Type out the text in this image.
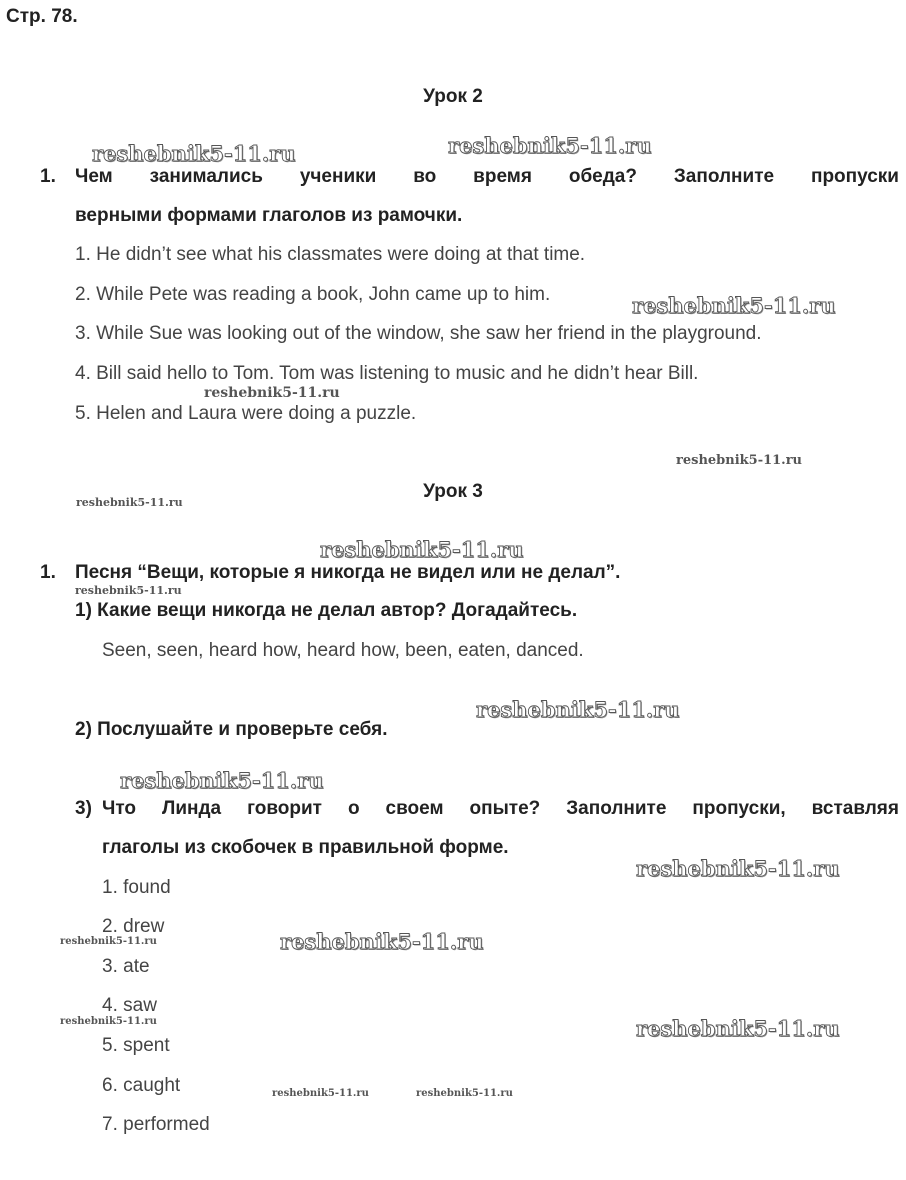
Стр. 78.
Урок 2
1. Чем занимались ученики во время обеда? Заполните пропуски
верными формами глаголов из рамочки.
1. He didn’t see what his classmates were doing at that time.
2. While Pete was reading a book, John came up to him.
3. While Sue was looking out of the window, she saw her friend in the playground.
4. Bill said hello to Tom. Tom was listening to music and he didn’t hear Bill.
5. Helen and Laura were doing a puzzle.
Урок 3
1. Песня “Вещи, которые я никогда не видел или не делал”.
1) Какие вещи никогда не делал автор? Догадайтесь.
Seen, seen, heard how, heard how, been, eaten, danced.
2) Послушайте и проверьте себя.
3) Что Линда говорит о своем опыте? Заполните пропуски, вставляя
глаголы из скобочек в правильной форме.
1. found
2. drew
3. ate
4. saw
5. spent
6. caught
7. performed
reshebnik5-11.ru	reshebnik5-11.ru
reshebnik5-11.ru
reshebnik5-11.ru
reshebnik5-11.ru
reshebnik5-11.ru
reshebnik5-11.ru
reshebnik5-11.ru
reshebnik5-11.ru
reshebnik5-11.ru
reshebnik5-11.ru
reshebnik5-11.ru
reshebnik5-11.ru
reshebnik5-11.ru	reshebnik5-11.ru
reshebnik5-11.ru	reshebnik5-11.ru
